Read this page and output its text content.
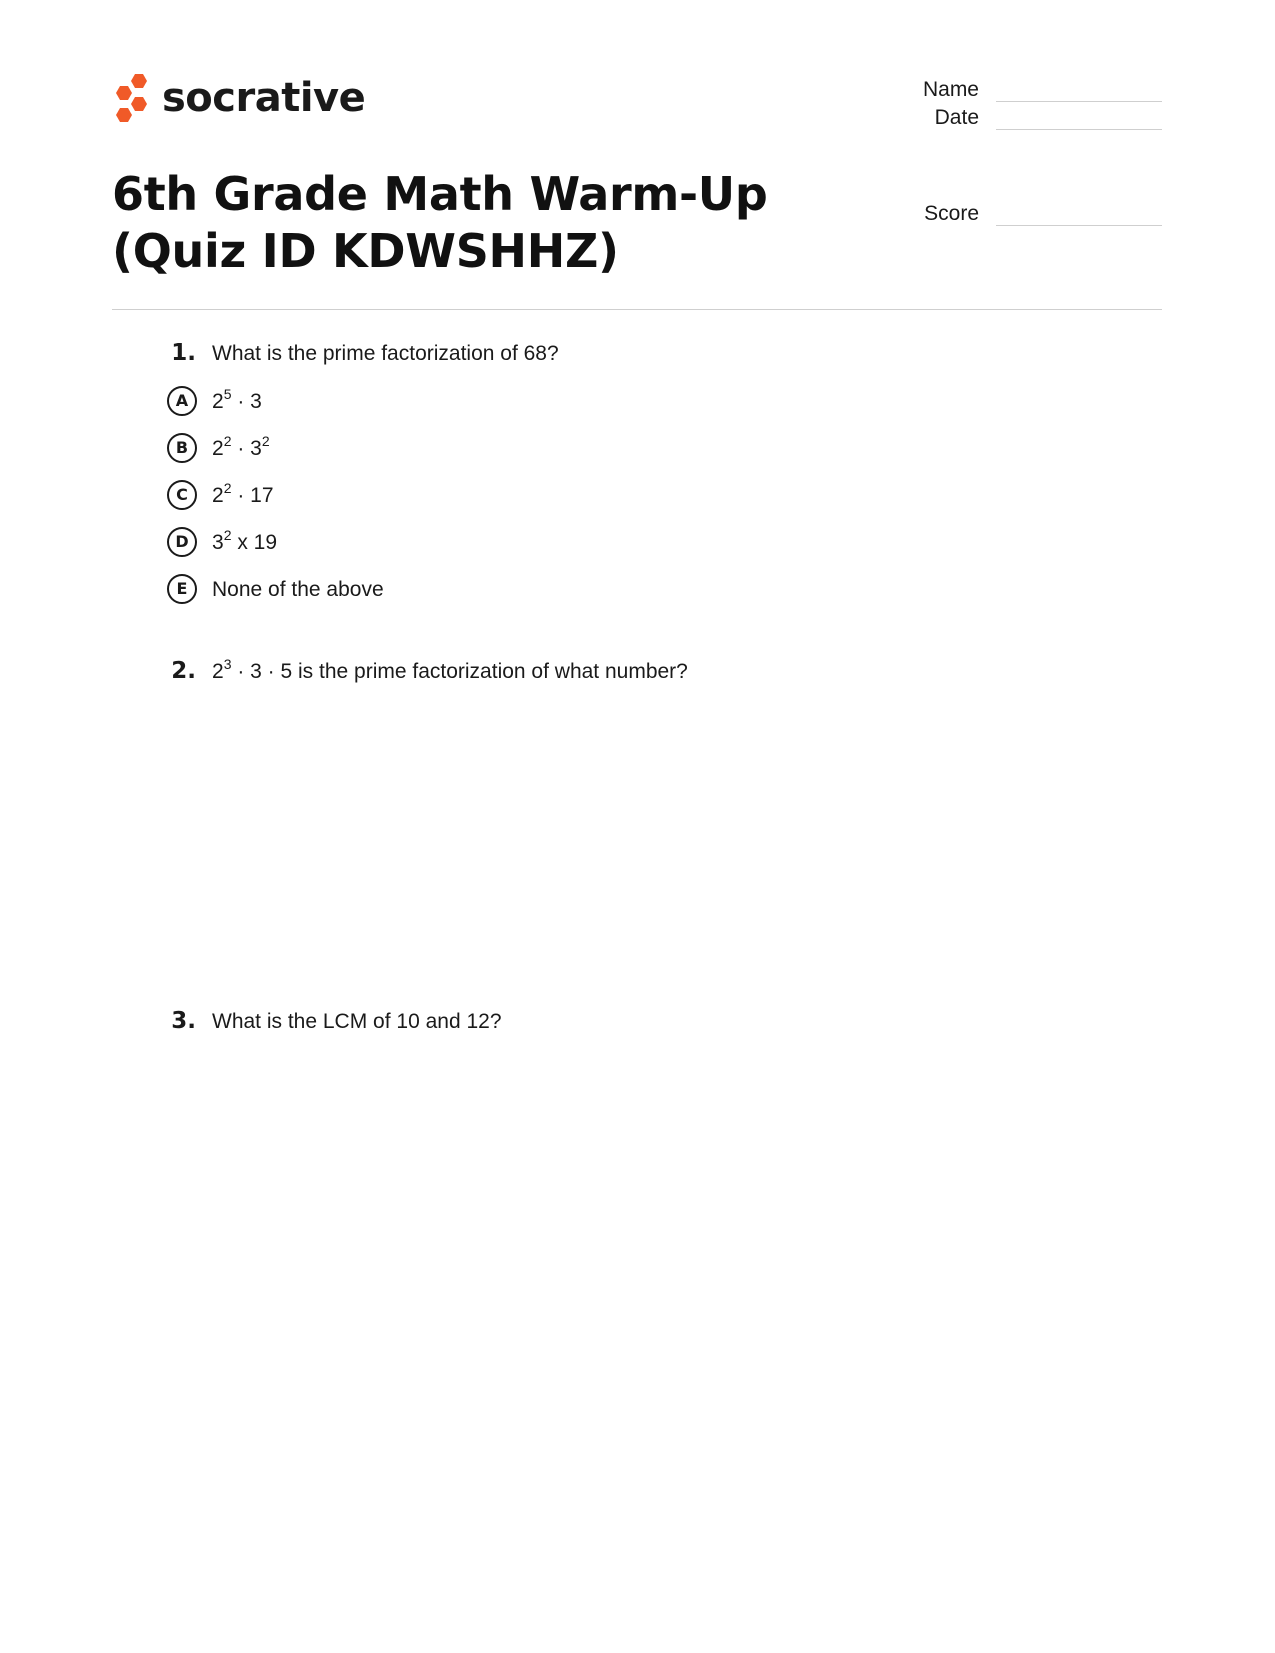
socrative	Name
Date
Score
6th Grade Math Warm-Up (Quiz ID KDWSHHZ)
1. What is the prime factorization of 68?
A	$2^5 \cdot 3$
B	$2^2 \cdot 3^2$
C	$2^2 \cdot 17$
D	$3^2$ x 19
E	None of the above
2. $2^3 \cdot 3 \cdot 5$ is the prime factorization of what number?
3. What is the LCM of 10 and 12?
